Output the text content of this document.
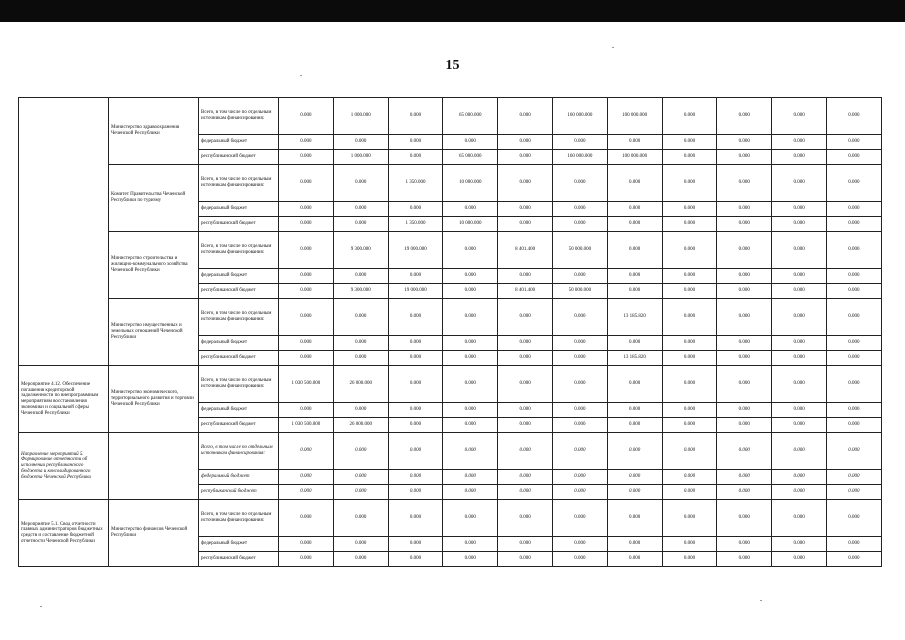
15
	Министерство здравоохранения Чеченской Республики	Всего, в том числе по отдельным источникам финансирования:	0.000	1 000.000	0.000	65 000.000	0.000	160 000.000	100 000.000	0.000	0.000	0.000	0.000
		федеральный бюджет	0.000	0.000	0.000	0.000	0.000	0.000	0.000	0.000	0.000	0.000	0.000
		республиканский бюджет	0.000	1 000.000	0.000	65 000.000	0.000	160 000.000	100 000.000	0.000	0.000	0.000	0.000
	Комитет Правительства Чеченской Республики по туризму	Всего, в том числе по отдельным источникам финансирования:	0.000	0.000	1 350.000	10 000.000	0.000	0.000	0.000	0.000	0.000	0.000	0.000
		федеральный бюджет	0.000	0.000	0.000	0.000	0.000	0.000	0.000	0.000	0.000	0.000	0.000
		республиканский бюджет	0.000	0.000	1 350.000	10 000.000	0.000	0.000	0.000	0.000	0.000	0.000	0.000
	Министерство строительства и жилищно-коммунального хозяйства Чеченской Республики	Всего, в том числе по отдельным источникам финансирования:	0.000	9 300.000	19 000.000	0.000	8 401.400	50 000.000	0.000	0.000	0.000	0.000	0.000
		федеральный бюджет	0.000	0.000	0.000	0.000	0.000	0.000	0.000	0.000	0.000	0.000	0.000
		республиканский бюджет	0.000	9 300.000	19 000.000	0.000	8 401.400	50 000.000	0.000	0.000	0.000	0.000	0.000
	Министерство имущественных и земельных отношений Чеченской Республики	Всего, в том числе по отдельным источникам финансирования:	0.000	0.000	0.000	0.000	0.000	0.000	13 185.820	0.000	0.000	0.000	0.000
		федеральный бюджет	0.000	0.000	0.000	0.000	0.000	0.000	0.000	0.000	0.000	0.000	0.000
		республиканский бюджет	0.000	0.000	0.000	0.000	0.000	0.000	13 185.820	0.000	0.000	0.000	0.000
Мероприятие 4.12. Обеспечение погашения кредиторской задолженности по внепрограммным мероприятиям восстановления экономики и социальной сферы Чеченской Республики	Министерство экономического, территориального развития и торговли Чеченской Республики	Всего, в том числе по отдельным источникам финансирования:	1 030 500.000	26 000.000	0.000	0.000	0.000	0.000	0.000	0.000	0.000	0.000	0.000
		федеральный бюджет	0.000	0.000	0.000	0.000	0.000	0.000	0.000	0.000	0.000	0.000	0.000
		республиканский бюджет	1 030 500.000	26 000.000	0.000	0.000	0.000	0.000	0.000	0.000	0.000	0.000	0.000
Направление мероприятий 5. Формирование отчетности об исполнении республиканского бюджета и консолидированного бюджета Чеченской Республики		Всего, в том числе по отдельным источникам финансирования:	0.000	0.000	0.000	0.000	0.000	0.000	0.000	0.000	0.000	0.000	0.000
		федеральный бюджет	0.000	0.000	0.000	0.000	0.000	0.000	0.000	0.000	0.000	0.000	0.000
		республиканский бюджет	0.000	0.000	0.000	0.000	0.000	0.000	0.000	0.000	0.000	0.000	0.000
Мероприятие 5.1. Свод отчетности главных администраторов бюджетных средств и составление бюджетной отчетности Чеченской Республики	Министерство финансов Чеченской Республики	Всего, в том числе по отдельным источникам финансирования:	0.000	0.000	0.000	0.000	0.000	0.000	0.000	0.000	0.000	0.000	0.000
		федеральный бюджет	0.000	0.000	0.000	0.000	0.000	0.000	0.000	0.000	0.000	0.000	0.000
		республиканский бюджет	0.000	0.000	0.000	0.000	0.000	0.000	0.000	0.000	0.000	0.000	0.000
